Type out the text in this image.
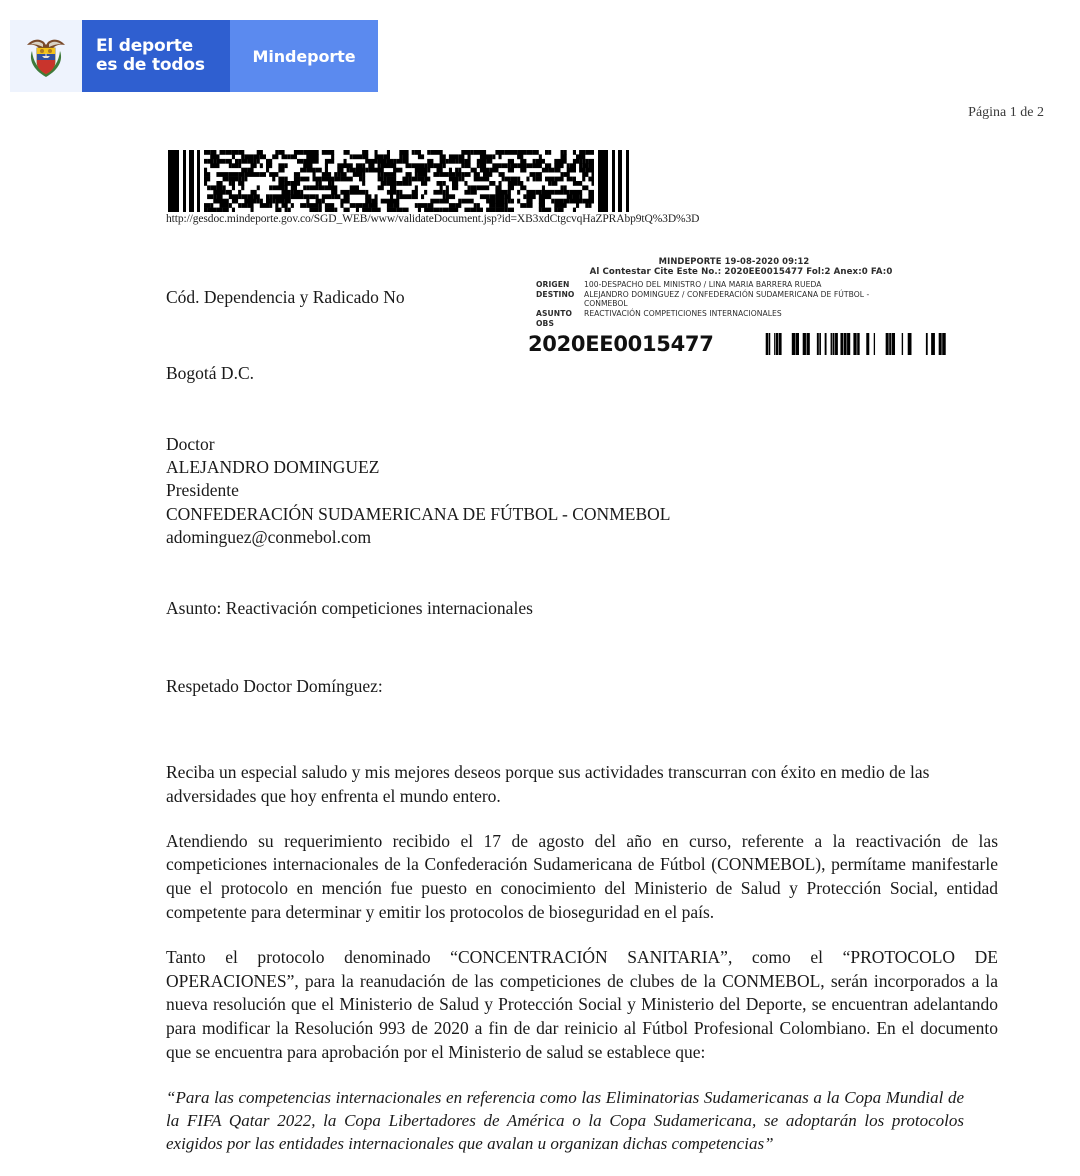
El deporte
es de todos	Mindeporte
Página 1 de 2
http://gesdoc.mindeporte.gov.co/SGD_WEB/www/validateDocument.jsp?id=XB3xdCtgcvqHaZPRAbp9tQ%3D%3D
MINDEPORTE 19-08-2020 09:12
Al Contestar Cite Este No.: 2020EE0015477 Fol:2 Anex:0 FA:0
ORIGEN	100-DESPACHO DEL MINISTRO / LINA MARIA BARRERA RUEDA
DESTINO	ALEJANDRO DOMINGUEZ / CONFEDERACIÓN SUDAMERICANA DE FÚTBOL -
CONMEBOL
ASUNTO	REACTIVACIÓN COMPETICIONES INTERNACIONALES
OBS
2020EE0015477

Cód. Dependencia y Radicado No

Bogotá D.C.

Doctor

ALEJANDRO DOMINGUEZ

Presidente

CONFEDERACIÓN SUDAMERICANA DE FÚTBOL - CONMEBOL

adominguez@conmebol.com

Asunto: Reactivación competiciones internacionales

Respetado Doctor Domínguez:

Reciba un especial saludo y mis mejores deseos porque sus actividades transcurran con éxito en medio de las adversidades que hoy enfrenta el mundo entero.

Atendiendo su requerimiento recibido el 17 de agosto del año en curso, referente a la reactivación de las competiciones internacionales de la Confederación Sudamericana de Fútbol (CONMEBOL), permítame manifestarle que el protocolo en mención fue puesto en conocimiento del Ministerio de Salud y Protección Social, entidad competente para determinar y emitir los protocolos de bioseguridad en el país.

Tanto el protocolo denominado “CONCENTRACIÓN SANITARIA”, como el “PROTOCOLO DE OPERACIONES”, para la reanudación de las competiciones de clubes de la CONMEBOL, serán incorporados a la nueva resolución que el Ministerio de Salud y Protección Social y Ministerio del Deporte, se encuentran adelantando para modificar la Resolución 993 de 2020 a fin de dar reinicio al Fútbol Profesional Colombiano. En el documento que se encuentra para aprobación por el Ministerio de salud se establece que:

“Para las competencias internacionales en referencia como las Eliminatorias Sudamericanas a la Copa Mundial de la FIFA Qatar 2022, la Copa Libertadores de América o la Copa Sudamericana, se adoptarán los protocolos exigidos por las entidades internacionales que avalan u organizan dichas competencias”
